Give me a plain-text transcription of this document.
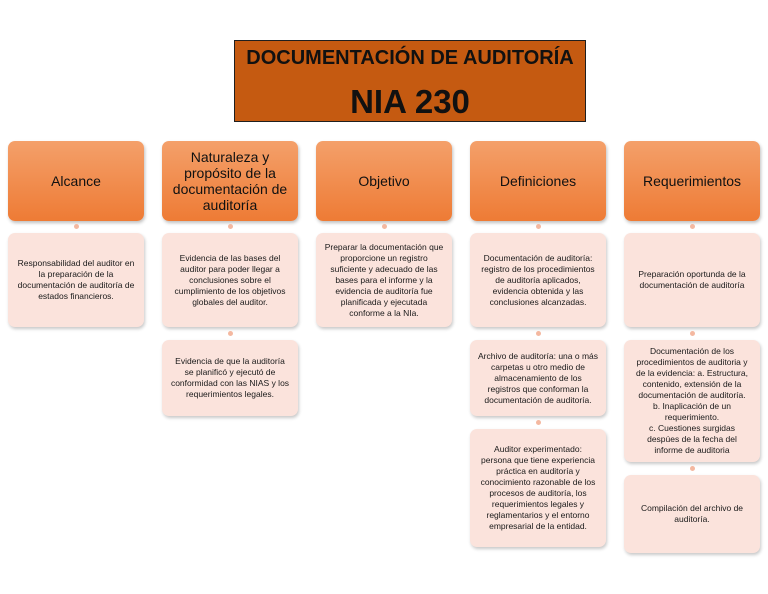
DOCUMENTACIÓN DE AUDITORÍA
NIA 230
Alcance
Responsabilidad del auditor en la preparación de la documentación de auditoría de estados financieros.
Naturaleza y propósito de la documentación de auditoría
Evidencia de las bases del auditor para poder llegar a conclusiones sobre el cumplimiento de los objetivos globales del auditor.
Evidencia de que la auditoría se planificó y ejecutó de conformidad con las NIAS y los requerimientos legales.
Objetivo
Preparar la documentación que proporcione un registro suficiente y adecuado de las bases para el informe y la evidencia de auditoría fue planificada y ejecutada conforme a la NIa.
Definiciones
Documentación de auditoría: registro de los procedimientos de auditoría aplicados, evidencia obtenida y las conclusiones alcanzadas.
Archivo de auditoría: una o más carpetas u otro medio de almacenamiento de los registros que conforman la documentación de auditoría.
Auditor experimentado: persona que tiene experiencia práctica en auditoría y conocimiento razonable de los procesos de auditoría, los requerimientos legales y reglamentarios y el entorno empresarial de la entidad.
Requerimientos
Preparación oportunda de la documentación de auditoría
Documentación de los procedimientos de auditoria y de la evidencia: a. Estructura, contenido, extensión de la documentación de auditoría.
b. Inaplicación de un requerimiento.
c. Cuestiones surgidas despúes de la fecha del informe de auditoria
Compilación del archivo de auditoría.
